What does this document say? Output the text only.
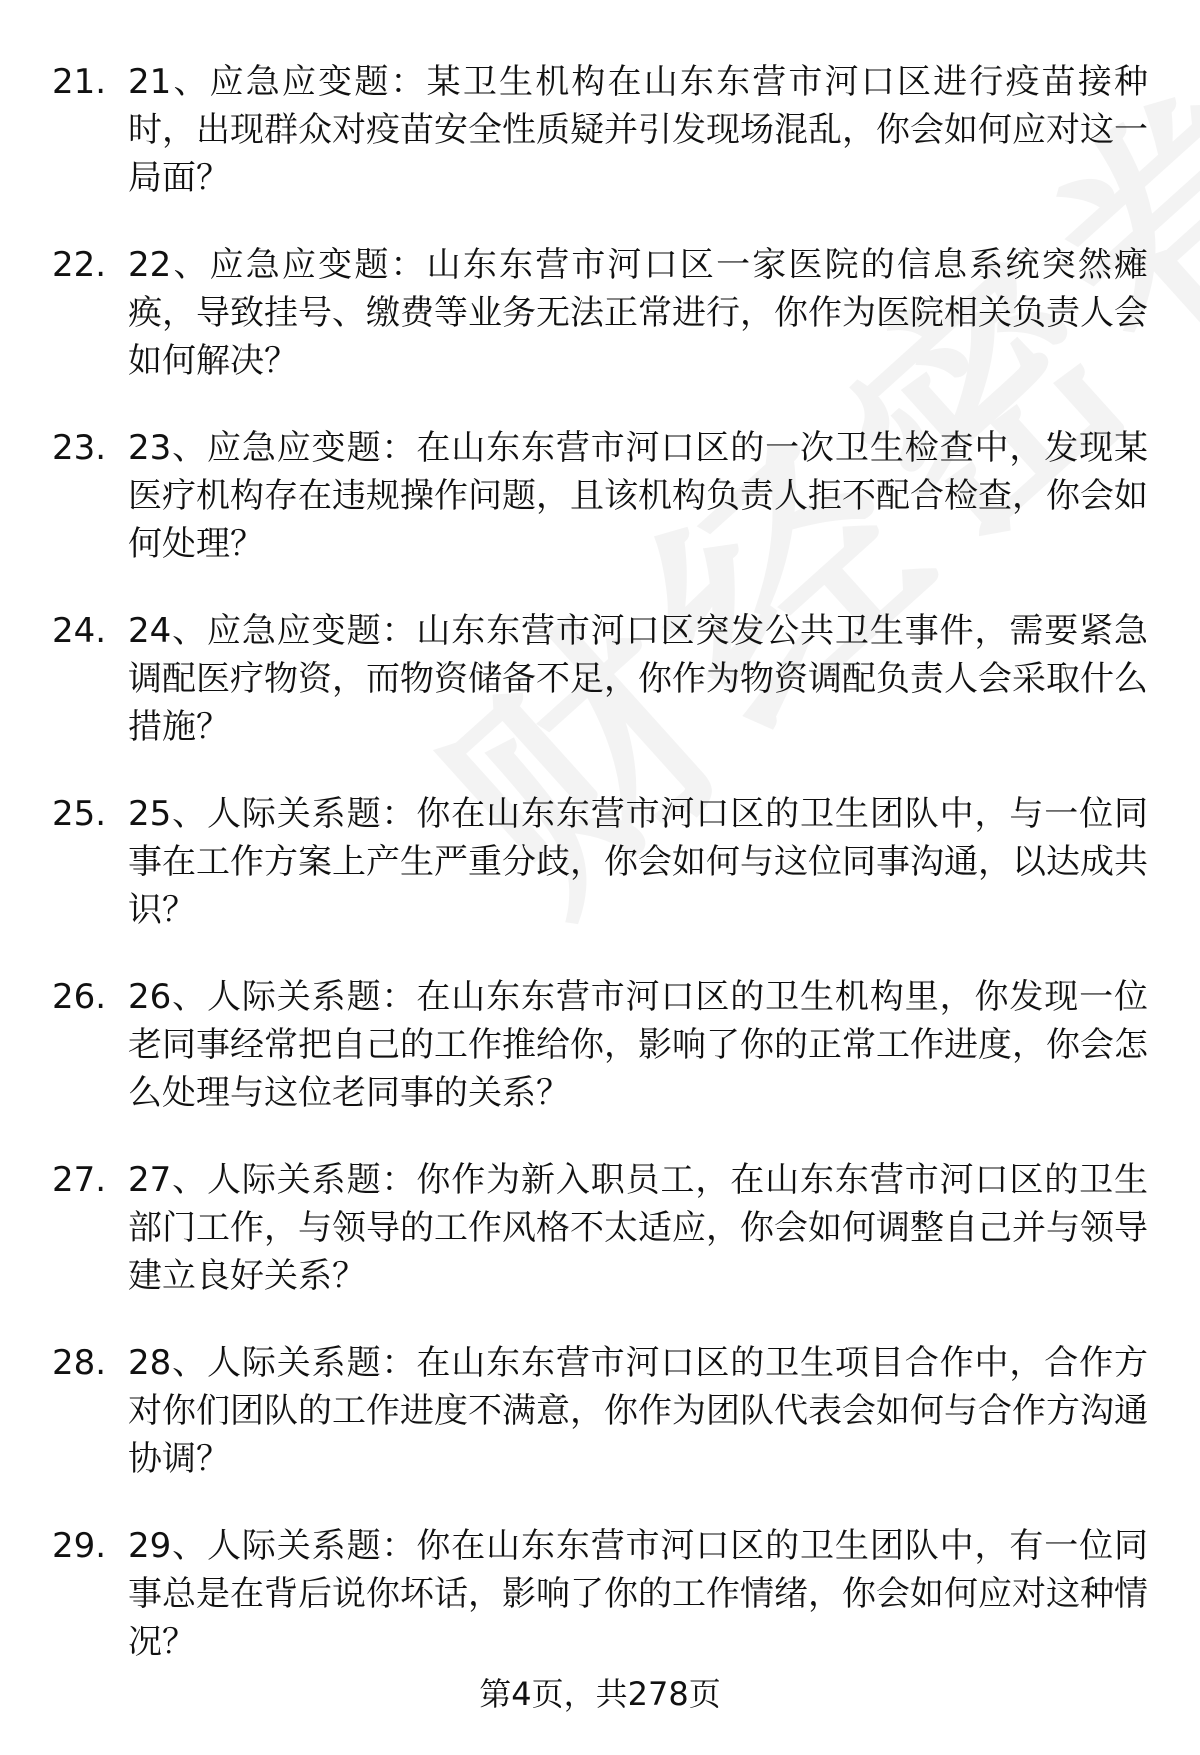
21. 21、应急应变题：某卫生机构在山东东营市河口区进行疫苗接种时，出现群众对疫苗安全性质疑并引发现场混乱，你会如何应对这一局面？
22. 22、应急应变题：山东东营市河口区一家医院的信息系统突然瘫痪，导致挂号、缴费等业务无法正常进行，你作为医院相关负责人会如何解决？
23. 23、应急应变题：在山东东营市河口区的一次卫生检查中，发现某医疗机构存在违规操作问题，且该机构负责人拒不配合检查，你会如何处理？
24. 24、应急应变题：山东东营市河口区突发公共卫生事件，需要紧急调配医疗物资，而物资储备不足，你作为物资调配负责人会采取什么措施？
25. 25、人际关系题：你在山东东营市河口区的卫生团队中，与一位同事在工作方案上产生严重分歧，你会如何与这位同事沟通，以达成共识？
26. 26、人际关系题：在山东东营市河口区的卫生机构里，你发现一位老同事经常把自己的工作推给你，影响了你的正常工作进度，你会怎么处理与这位老同事的关系？
27. 27、人际关系题：你作为新入职员工，在山东东营市河口区的卫生部门工作，与领导的工作风格不太适应，你会如何调整自己并与领导建立良好关系？
28. 28、人际关系题：在山东东营市河口区的卫生项目合作中，合作方对你们团队的工作进度不满意，你作为团队代表会如何与合作方沟通协调？
29. 29、人际关系题：你在山东东营市河口区的卫生团队中，有一位同事总是在背后说你坏话，影响了你的工作情绪，你会如何应对这种情况？
第4页，共278页
